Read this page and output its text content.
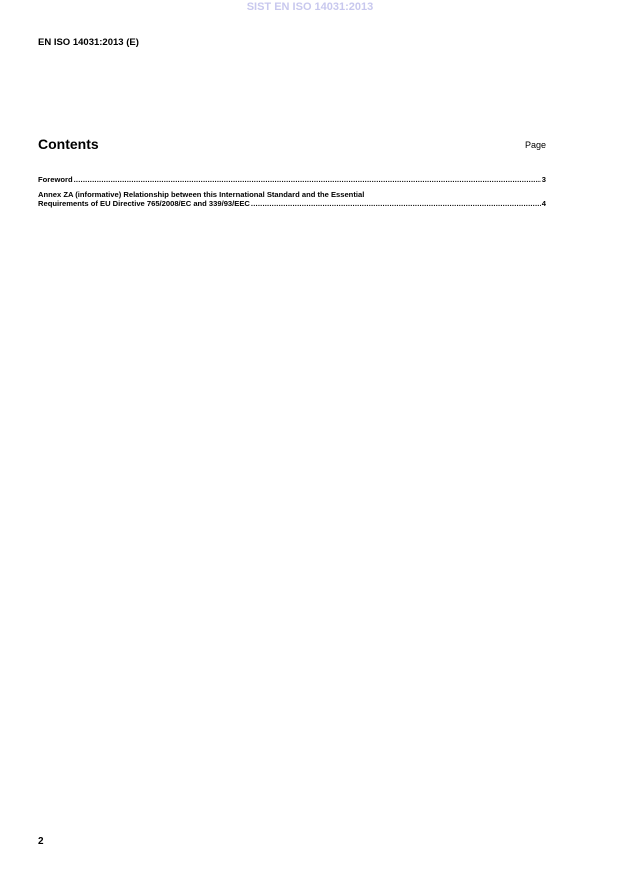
SIST EN ISO 14031:2013
EN ISO 14031:2013 (E)
Contents	Page
Foreword .....	3
Annex ZA (informative) Relationship between this International Standard and the Essential
Requirements of EU Directive 765/2008/EC and 339/93/EEC .....	4
2
